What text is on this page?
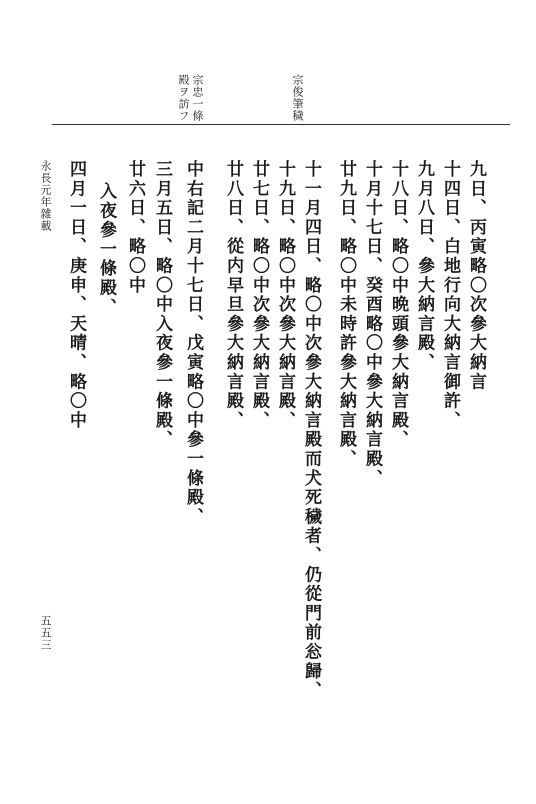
宗俊筆穢
宗忠一條
殿ヲ訪フ
九日、丙寅略〇次參大納言
十四日、白地行向大納言御許、
九月八日、參大納言殿、
十八日、略〇中晩頭參大納言殿、
十月十七日、癸酉略〇中參大納言殿、
廿九日、略〇中未時許參大納言殿、
十一月四日、略〇中次參大納言殿而犬死穢者、仍從門前忩歸、
十九日、略〇中次參大納言殿、
廿七日、略〇中次參大納言殿、
廿八日、從内早旦參大納言殿、
中右記二月十七日、戊寅略〇中參一條殿、
三月五日、略〇中入夜參一條殿、
廿六日、略〇中
入夜參一條殿、
四月一日、庚申、天晴、略〇中
永長元年雜載
五五三
